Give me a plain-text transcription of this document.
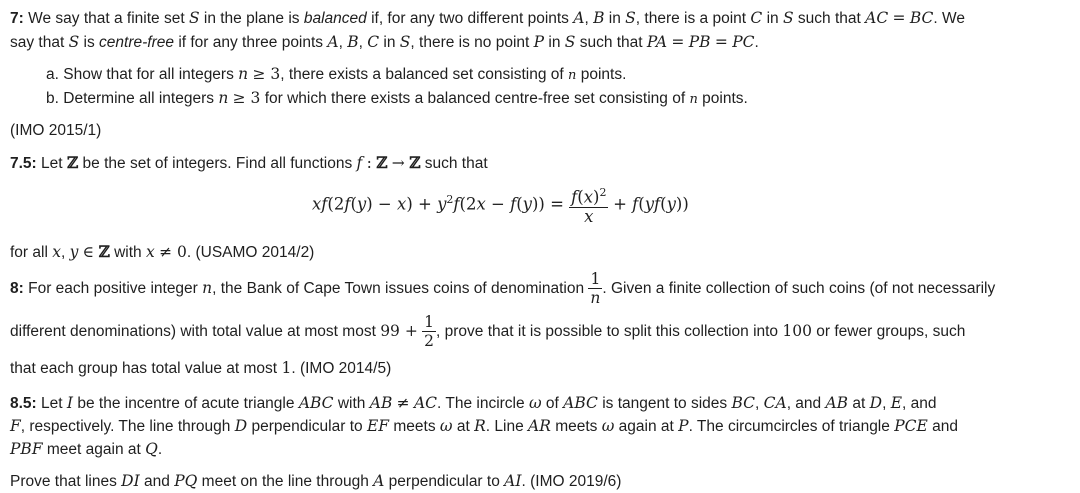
7: We say that a finite set S in the plane is balanced if, for any two different points A, B in S, there is a point C in S such that AC = BC. We
say that S is centre-free if for any three points A, B, C in S, there is no point P in S such that PA = PB = PC.
a. Show that for all integers n ≥ 3, there exists a balanced set consisting of n points.
b. Determine all integers n ≥ 3 for which there exists a balanced centre-free set consisting of n points.
(IMO 2015/1)
7.5: Let ℤ be the set of integers. Find all functions f : ℤ → ℤ such that
$xf(2f(y) - x) + y^2f(2x - f(y)) = \frac{f(x)^2}{x} + f(yf(y))$
for all x, y ∈ ℤ with x ≠ 0. (USAMO 2014/2)
8: For each positive integer n, the Bank of Cape Town issues coins of denomination $\frac{1}{n}$ . Given a finite collection of such coins (of not necessarily
different denominations) with total value at most most $99 + \frac{1}{2}$ , prove that it is possible to split this collection into 100 or fewer groups, such
that each group has total value at most 1. (IMO 2014/5)
8.5: Let I be the incentre of acute triangle ABC with AB ≠ AC. The incircle ω of ABC is tangent to sides BC, CA, and AB at D, E, and
F, respectively. The line through D perpendicular to EF meets ω at R. Line AR meets ω again at P. The circumcircles of triangle PCE and
PBF meet again at Q.
Prove that lines DI and PQ meet on the line through A perpendicular to AI. (IMO 2019/6)
